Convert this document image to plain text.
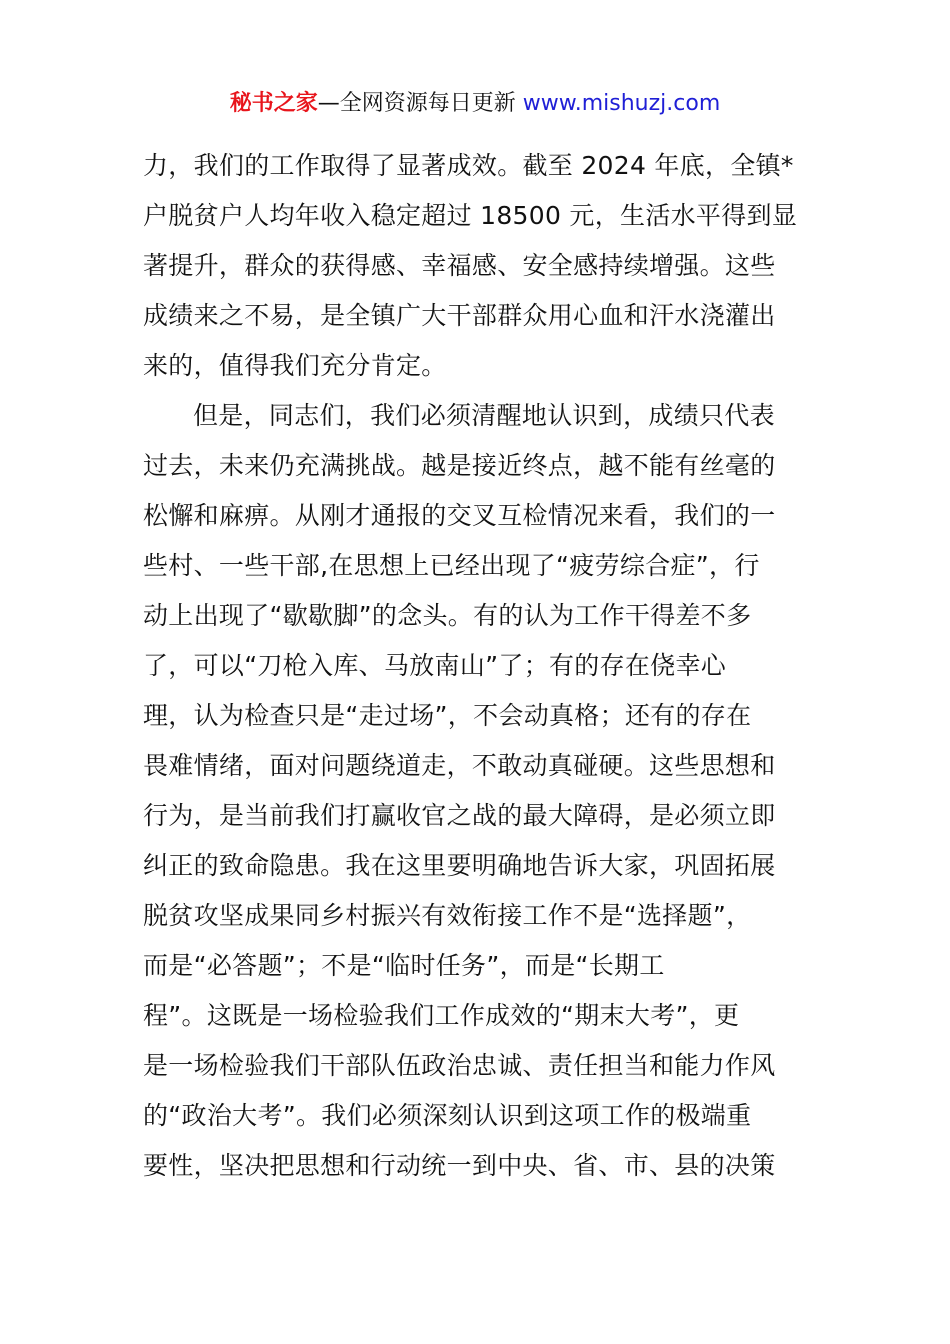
秘书之家—全网资源每日更新 www.mishuzj.com
力，我们的工作取得了显著成效。截至 2024 年底，全镇*
户脱贫户人均年收入稳定超过 18500 元，生活水平得到显
著提升，群众的获得感、幸福感、安全感持续增强。这些
成绩来之不易，是全镇广大干部群众用心血和汗水浇灌出
来的，值得我们充分肯定。
但是，同志们，我们必须清醒地认识到，成绩只代表
过去，未来仍充满挑战。越是接近终点，越不能有丝毫的
松懈和麻痹。从刚才通报的交叉互检情况来看，我们的一
些村、一些干部,在思想上已经出现了“疲劳综合症”，行
动上出现了“歇歇脚”的念头。有的认为工作干得差不多
了，可以“刀枪入库、马放南山”了；有的存在侥幸心
理，认为检查只是“走过场”，不会动真格；还有的存在
畏难情绪，面对问题绕道走，不敢动真碰硬。这些思想和
行为，是当前我们打赢收官之战的最大障碍，是必须立即
纠正的致命隐患。我在这里要明确地告诉大家，巩固拓展
脱贫攻坚成果同乡村振兴有效衔接工作不是“选择题”，
而是“必答题”；不是“临时任务”，而是“长期工
程”。这既是一场检验我们工作成效的“期末大考”，更
是一场检验我们干部队伍政治忠诚、责任担当和能力作风
的“政治大考”。我们必须深刻认识到这项工作的极端重
要性，坚决把思想和行动统一到中央、省、市、县的决策
